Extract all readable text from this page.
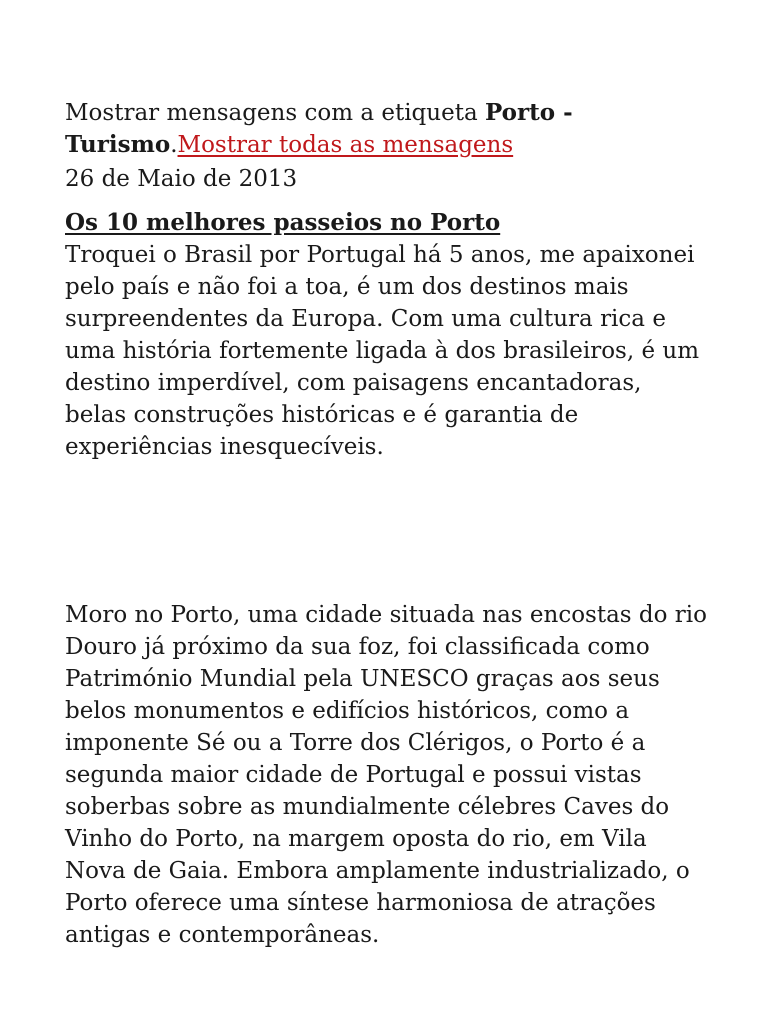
Mostrar mensagens com a etiqueta Porto -
Turismo.Mostrar todas as mensagens
26 de Maio de 2013
Os 10 melhores passeios no Porto
Troquei o Brasil por Portugal há 5 anos, me apaixonei
pelo país e não foi a toa, é um dos destinos mais
surpreendentes da Europa. Com uma cultura rica e
uma história fortemente ligada à dos brasileiros, é um
destino imperdível, com paisagens encantadoras,
belas construções históricas e é garantia de
experiências inesquecíveis.
Moro no Porto, uma cidade situada nas encostas do rio
Douro já próximo da sua foz, foi classificada como
Património Mundial pela UNESCO graças aos seus
belos monumentos e edifícios históricos, como a
imponente Sé ou a Torre dos Clérigos, o Porto é a
segunda maior cidade de Portugal e possui vistas
soberbas sobre as mundialmente célebres Caves do
Vinho do Porto, na margem oposta do rio, em Vila
Nova de Gaia. Embora amplamente industrializado, o
Porto oferece uma síntese harmoniosa de atrações
antigas e contemporâneas.
